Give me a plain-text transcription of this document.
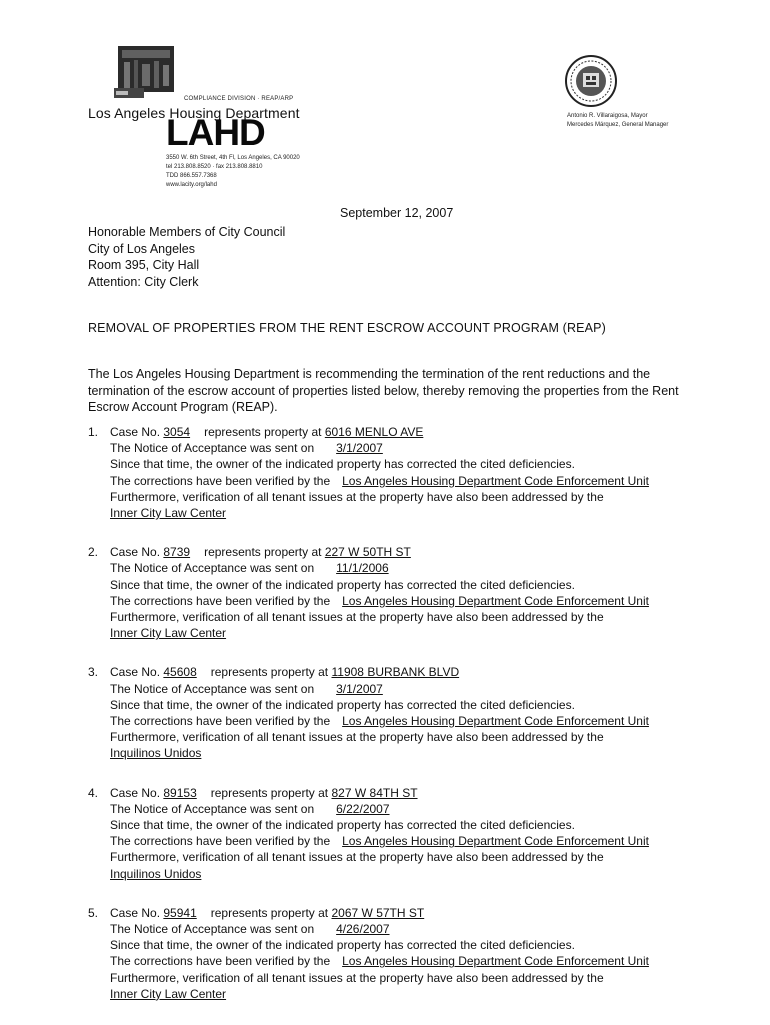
COMPLIANCE DIVISION · REAP/ARP
Los Angeles Housing Department
LAHD
3550 W. 6th Street, 4th Fl, Los Angeles, CA 90020
tel 213.808.8520 · fax 213.808.8810
TDD 866.557.7368
www.lacity.org/lahd
Antonio R. Villaraigosa, Mayor
Mercedes Márquez, General Manager
September 12, 2007
Honorable Members of City Council
City of Los Angeles
Room 395, City Hall
Attention: City Clerk
REMOVAL OF PROPERTIES FROM THE RENT ESCROW ACCOUNT PROGRAM (REAP)
The Los Angeles Housing Department is recommending the termination of the rent reductions and the termination of the escrow account of properties listed below, thereby removing the properties from the Rent Escrow Account Program (REAP).
1. Case No. 3054 represents property at 6016 MENLO AVE
The Notice of Acceptance was sent on 3/1/2007
Since that time, the owner of the indicated property has corrected the cited deficiencies.
The corrections have been verified by the Los Angeles Housing Department Code Enforcement Unit
Furthermore, verification of all tenant issues at the property have also been addressed by the
Inner City Law Center
2. Case No. 8739 represents property at 227 W 50TH ST
The Notice of Acceptance was sent on 11/1/2006
Since that time, the owner of the indicated property has corrected the cited deficiencies.
The corrections have been verified by the Los Angeles Housing Department Code Enforcement Unit
Furthermore, verification of all tenant issues at the property have also been addressed by the
Inner City Law Center
3. Case No. 45608 represents property at 11908 BURBANK BLVD
The Notice of Acceptance was sent on 3/1/2007
Since that time, the owner of the indicated property has corrected the cited deficiencies.
The corrections have been verified by the Los Angeles Housing Department Code Enforcement Unit
Furthermore, verification of all tenant issues at the property have also been addressed by the
Inquilinos Unidos
4. Case No. 89153 represents property at 827 W 84TH ST
The Notice of Acceptance was sent on 6/22/2007
Since that time, the owner of the indicated property has corrected the cited deficiencies.
The corrections have been verified by the Los Angeles Housing Department Code Enforcement Unit
Furthermore, verification of all tenant issues at the property have also been addressed by the
Inquilinos Unidos
5. Case No. 95941 represents property at 2067 W 57TH ST
The Notice of Acceptance was sent on 4/26/2007
Since that time, the owner of the indicated property has corrected the cited deficiencies.
The corrections have been verified by the Los Angeles Housing Department Code Enforcement Unit
Furthermore, verification of all tenant issues at the property have also been addressed by the
Inner City Law Center
